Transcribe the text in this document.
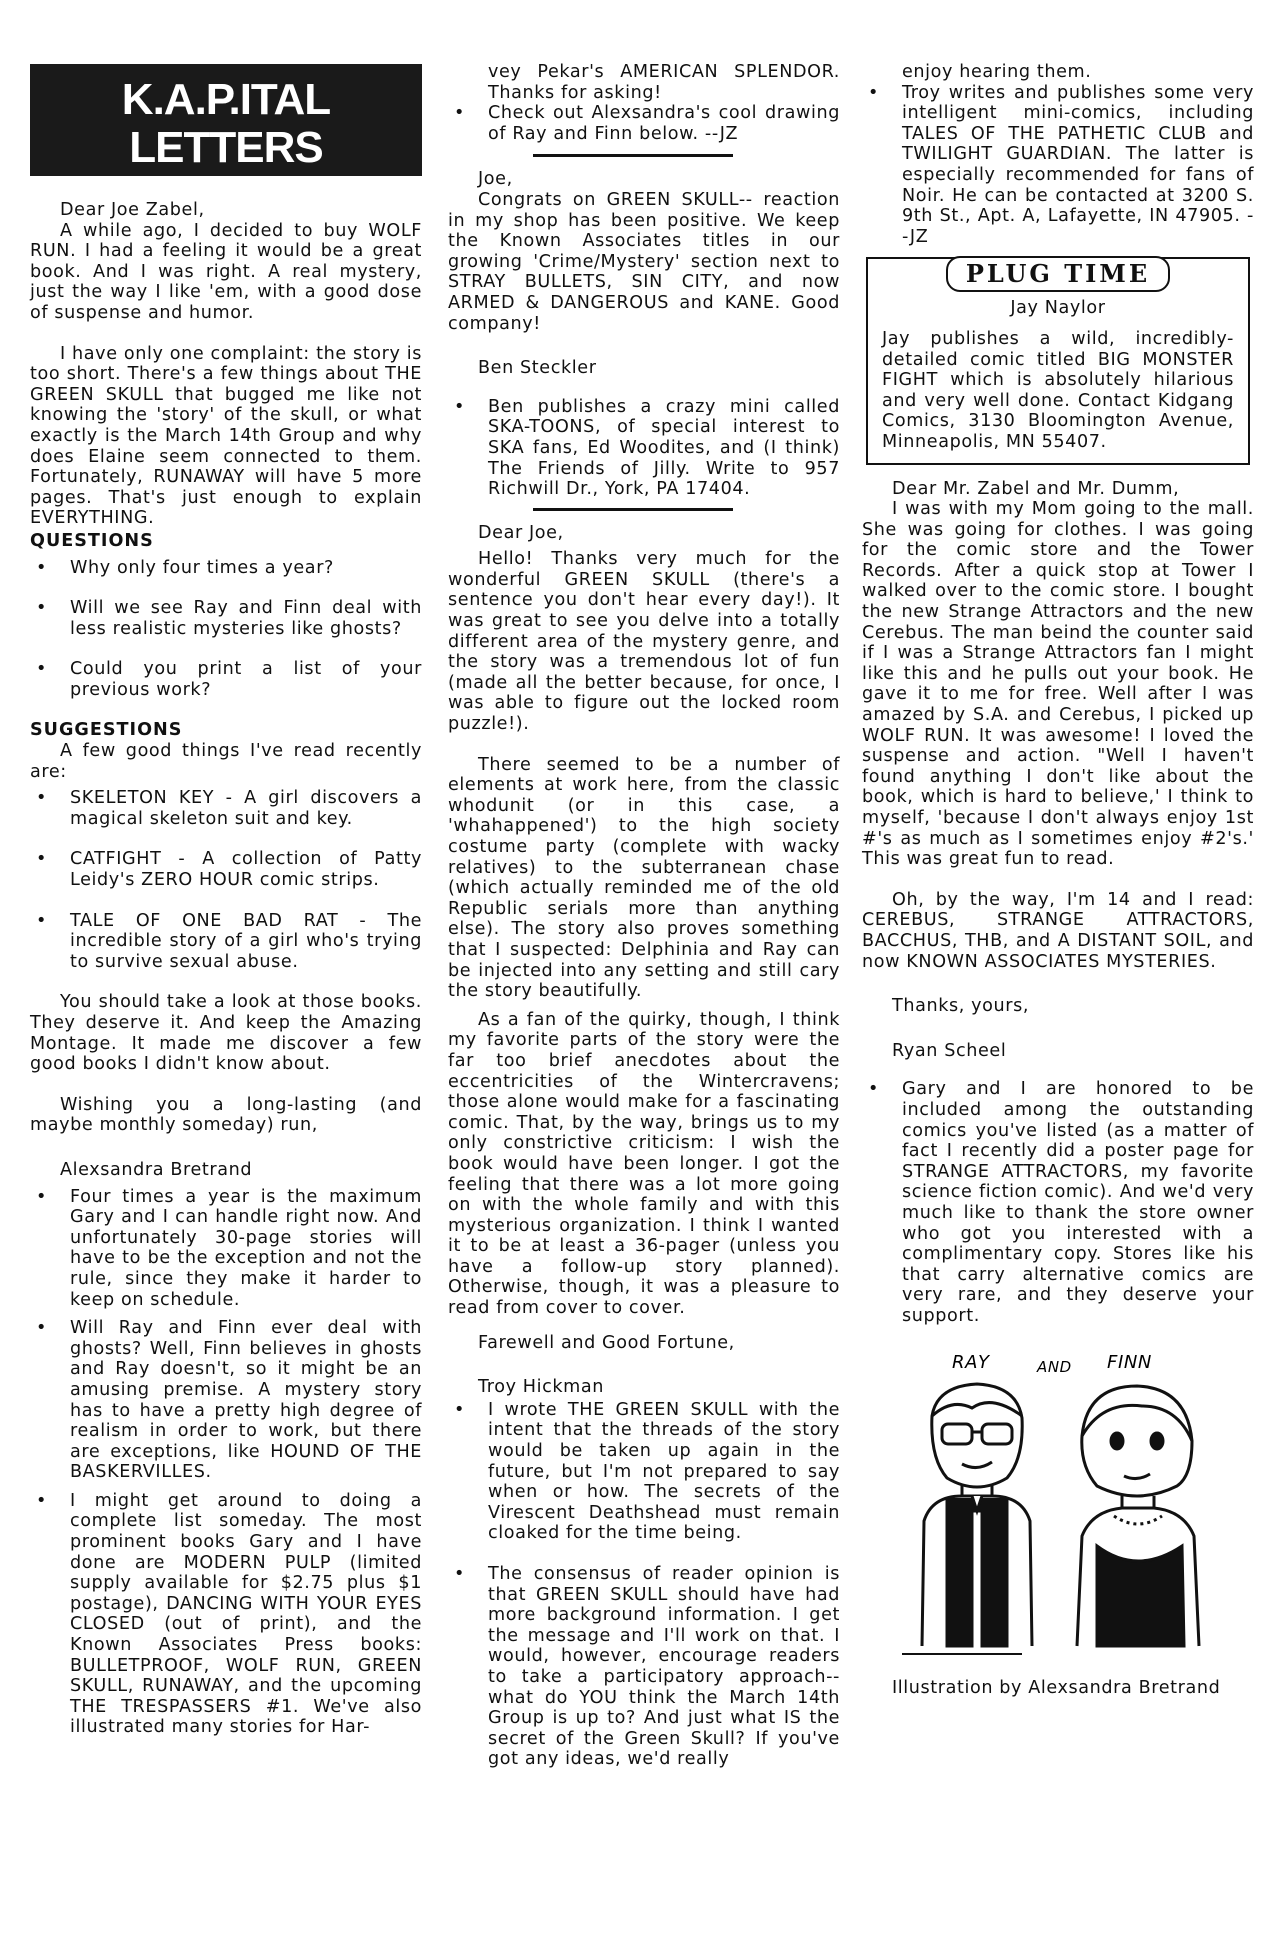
K.A.P.ITAL
LETTERS

Dear Joe Zabel,

A while ago, I decided to buy WOLF RUN. I had a feeling it would be a great book. And I was right. A real mystery, just the way I like 'em, with a good dose of suspense and humor.

I have only one complaint: the story is too short. There's a few things about THE GREEN SKULL that bugged me like not knowing the 'story' of the skull, or what exactly is the March 14th Group and why does Elaine seem connected to them. Fortunately, RUNAWAY will have 5 more pages. That's just enough to explain EVERYTHING.

QUESTIONS
• Why only four times a year?
• Will we see Ray and Finn deal with less realistic mysteries like ghosts?
• Could you print a list of your previous work?
SUGGESTIONS

A few good things I've read recently are:

• SKELETON KEY - A girl discovers a magical skeleton suit and key.
• CATFIGHT - A collection of Patty Leidy's ZERO HOUR comic strips.
• TALE OF ONE BAD RAT - The incredible story of a girl who's trying to survive sexual abuse.

You should take a look at those books. They deserve it. And keep the Amazing Montage. It made me discover a few good books I didn't know about.

Wishing you a long-lasting (and maybe monthly someday) run,

Alexsandra Bretrand

• Four times a year is the maximum Gary and I can handle right now. And unfortunately 30-page stories will have to be the exception and not the rule, since they make it harder to keep on schedule.
• Will Ray and Finn ever deal with ghosts? Well, Finn believes in ghosts and Ray doesn't, so it might be an amusing premise. A mystery story has to have a pretty high degree of realism in order to work, but there are exceptions, like HOUND OF THE BASKERVILLES.
• I might get around to doing a complete list someday. The most prominent books Gary and I have done are MODERN PULP (limited supply available for $2.75 plus $1 postage), DANCING WITH YOUR EYES CLOSED (out of print), and the Known Associates Press books: BULLETPROOF, WOLF RUN, GREEN SKULL, RUNAWAY, and the upcoming THE TRESPASSERS #1. We've also illustrated many stories for Har-

vey Pekar's AMERICAN SPLENDOR. Thanks for asking!

• Check out Alexsandra's cool drawing of Ray and Finn below. --JZ

Joe,

Congrats on GREEN SKULL-- reaction in my shop has been positive. We keep the Known Associates titles in our growing 'Crime/Mystery' section next to STRAY BULLETS, SIN CITY, and now ARMED & DANGEROUS and KANE. Good company!

Ben Steckler

• Ben publishes a crazy mini called SKA-TOONS, of special interest to SKA fans, Ed Woodites, and (I think) The Friends of Jilly. Write to 957 Richwill Dr., York, PA 17404.

Dear Joe,

Hello! Thanks very much for the wonderful GREEN SKULL (there's a sentence you don't hear every day!). It was great to see you delve into a totally different area of the mystery genre, and the story was a tremendous lot of fun (made all the better because, for once, I was able to figure out the locked room puzzle!).

There seemed to be a number of elements at work here, from the classic whodunit (or in this case, a 'whahappened') to the high society costume party (complete with wacky relatives) to the subterranean chase (which actually reminded me of the old Republic serials more than anything else). The story also proves something that I suspected: Delphinia and Ray can be injected into any setting and still cary the story beautifully.

As a fan of the quirky, though, I think my favorite parts of the story were the far too brief anecdotes about the eccentricities of the Wintercravens; those alone would make for a fascinating comic. That, by the way, brings us to my only constrictive criticism: I wish the book would have been longer. I got the feeling that there was a lot more going on with the whole family and with this mysterious organization. I think I wanted it to be at least a 36-pager (unless you have a follow-up story planned). Otherwise, though, it was a pleasure to read from cover to cover.

Farewell and Good Fortune,

Troy Hickman

• I wrote THE GREEN SKULL with the intent that the threads of the story would be taken up again in the future, but I'm not prepared to say when or how. The secrets of the Virescent Deathshead must remain cloaked for the time being.
• The consensus of reader opinion is that GREEN SKULL should have had more background information. I get the message and I'll work on that. I would, however, encourage readers to take a participatory approach-- what do YOU think the March 14th Group is up to? And just what IS the secret of the Green Skull? If you've got any ideas, we'd really

enjoy hearing them.

• Troy writes and publishes some very intelligent mini-comics, including TALES OF THE PATHETIC CLUB and TWILIGHT GUARDIAN. The latter is especially recommended for fans of Noir. He can be contacted at 3200 S. 9th St., Apt. A, Lafayette, IN 47905. --JZ
PLUG TIME
Jay Naylor

Jay publishes a wild, incredibly-detailed comic titled BIG MONSTER FIGHT which is absolutely hilarious and very well done. Contact Kidgang Comics, 3130 Bloomington Avenue, Minneapolis, MN 55407.

Dear Mr. Zabel and Mr. Dumm,

I was with my Mom going to the mall. She was going for clothes. I was going for the comic store and the Tower Records. After a quick stop at Tower I walked over to the comic store. I bought the new Strange Attractors and the new Cerebus. The man beind the counter said if I was a Strange Attractors fan I might like this and he pulls out your book. He gave it to me for free. Well after I was amazed by S.A. and Cerebus, I picked up WOLF RUN. It was awesome! I loved the suspense and action. "Well I haven't found anything I don't like about the book, which is hard to believe,' I think to myself, 'because I don't always enjoy 1st #'s as much as I sometimes enjoy #2's.' This was great fun to read.

Oh, by the way, I'm 14 and I read: CEREBUS, STRANGE ATTRACTORS, BACCHUS, THB, and A DISTANT SOIL, and now KNOWN ASSOCIATES MYSTERIES.

Thanks, yours,

Ryan Scheel

• Gary and I are honored to be included among the outstanding comics you've listed (as a matter of fact I recently did a poster page for STRANGE ATTRACTORS, my favorite science fiction comic). And we'd very much like to thank the store owner who got you interested with a complimentary copy. Stores like his that carry alternative comics are very rare, and they deserve your support.
RAY	AND FINN

Illustration by Alexsandra Bretrand
